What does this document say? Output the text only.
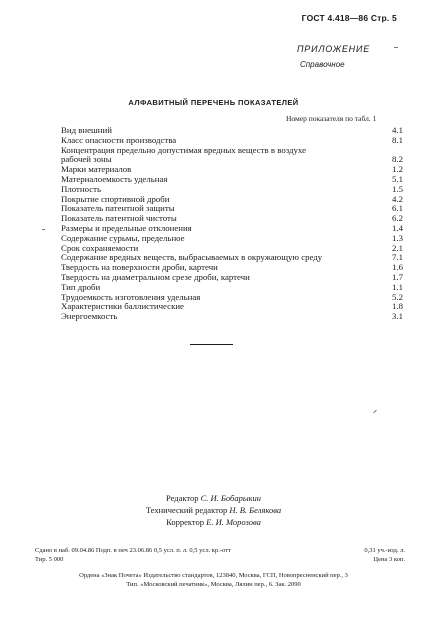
ГОСТ 4.418—86 Стр. 5
ПРИЛОЖЕНИЕ
Справочное
АЛФАВИТНЫЙ ПЕРЕЧЕНЬ ПОКАЗАТЕЛЕЙ
Номер показателя по табл. 1
Вид внешний	4.1
Класс опасности производства	8.1
Концентрация предельно допустимая вредных веществ в воздухе
рабочей зоны	8.2
Марки материалов	1.2
Материалоемкость удельная	5.1
Плотность	1.5
Покрытие спортивной дроби	4.2
Показатель патентной защиты	6.1
Показатель патентной чистоты	6.2
Размеры и предельные отклонения	1.4
Содержание сурьмы, предельное	1.3
Срок сохраняемости	2.1
Содержание вредных веществ, выбрасываемых в окружающую среду	7.1
Твердость на поверхности дроби, картечи	1.6
Твердость на диаметральном срезе дроби, картечи	1.7
Тип дроби	1.1
Трудоемкость изготовления удельная	5.2
Характеристики баллистические	1.8
Энергоемкость	3.1
Редактор С. И. Бобарыкин
Технический редактор Н. В. Белякова
Корректор Е. И. Морозова
Сдано в наб. 09.04.86 Подп. в печ 23.06.86 0,5 усл. п. л. 0,5 усл. кр.-отт	0,31 уч.-изд. л.
Тир. 5 000	Цена 3 коп.
Ордена «Знак Почета» Издательство стандартов, 123840, Москва, ГСП, Новопресненский пер., 3
Тип. «Московский печатник», Москва, Лялин пер., 6. Зак. 2090
